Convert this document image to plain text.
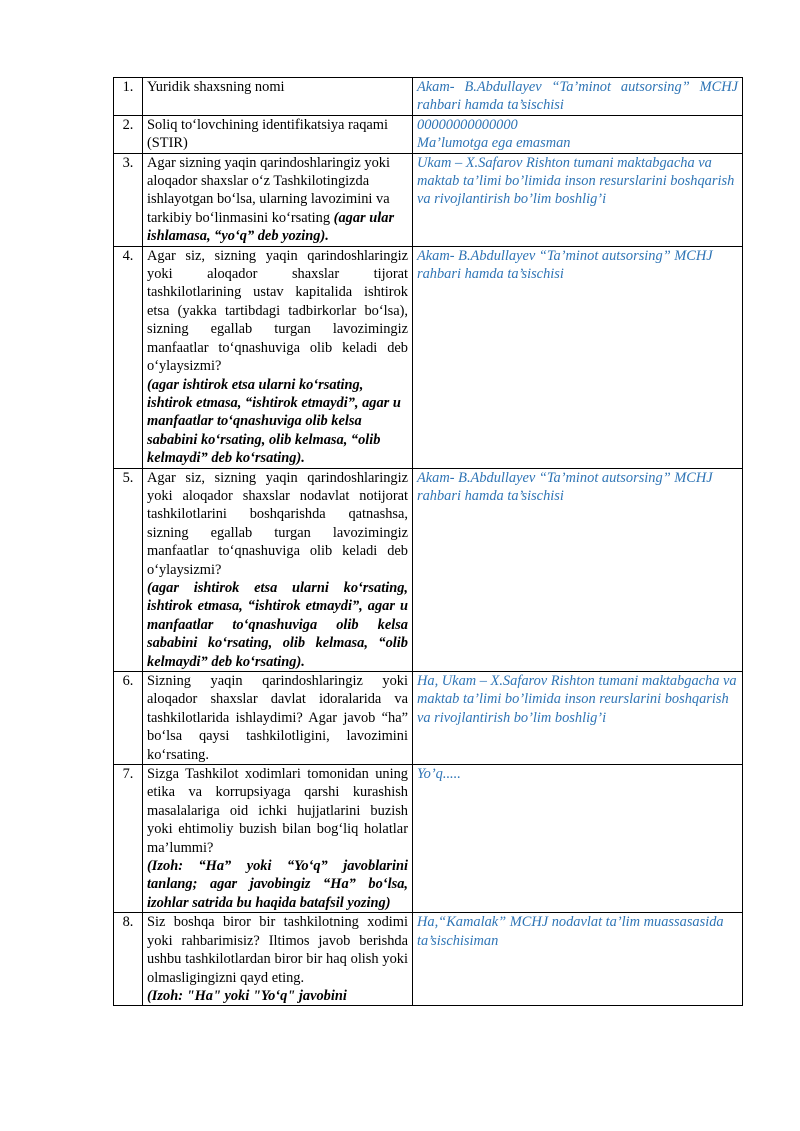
1.	Yuridik shaxsning nomi	Akam- B.Abdullayev “Ta’minot autsorsing” MCHJ rahbari hamda ta’sischisi
2.	Soliq to‘lovchining identifikatsiya raqami (STIR)	00000000000000
Ma’lumotga ega emasman

3.	Agar sizning yaqin qarindoshlaringiz yoki aloqador shaxslar o‘z Tashkilotingizda ishlayotgan bo‘lsa, ularning lavozimini va tarkibiy bo‘linmasini ko‘rsating (agar ular ishlamasa, “yo‘q” deb yozing).	Ukam – X.Safarov Rishton tumani maktabgacha va maktab ta’limi bo’limida inson resurslarini boshqarish va rivojlantirish bo’lim boshlig’i
4.	Agar siz, sizning yaqin qarindoshlaringiz yoki aloqador shaxslar tijorat tashkilotlarining ustav kapitalida ishtirok etsa (yakka tartibdagi tadbirkorlar bo‘lsa), sizning egallab turgan lavozimingiz manfaatlar to‘qnashuviga olib keladi deb o‘ylaysizmi?
(agar ishtirok etsa ularni ko‘rsating, ishtirok etmasa, “ishtirok etmaydi”, agar u manfaatlar to‘qnashuviga olib kelsa sababini ko‘rsating, olib kelmasa, “olib kelmaydi” deb ko‘rsating).	Akam- B.Abdullayev “Ta’minot autsorsing” MCHJ rahbari hamda ta’sischisi
5.	Agar siz, sizning yaqin qarindoshlaringiz yoki aloqador shaxslar nodavlat notijorat tashkilotlarini boshqarishda qatnashsa, sizning egallab turgan lavozimingiz manfaatlar to‘qnashuviga olib keladi deb o‘ylaysizmi?
(agar ishtirok etsa ularni ko‘rsating, ishtirok etmasa, “ishtirok etmaydi”, agar u manfaatlar to‘qnashuviga olib kelsa sababini ko‘rsating, olib kelmasa, “olib kelmaydi” deb ko‘rsating).	Akam- B.Abdullayev “Ta’minot autsorsing” MCHJ rahbari hamda ta’sischisi
6.	Sizning yaqin qarindoshlaringiz yoki aloqador shaxslar davlat idoralarida va tashkilotlarida ishlaydimi? Agar javob “ha” bo‘lsa qaysi tashkilotligini, lavozimini ko‘rsating.	Ha, Ukam – X.Safarov Rishton tumani maktabgacha va maktab ta’limi bo’limida inson reurslarini boshqarish va rivojlantirish bo’lim boshlig’i
7.	Sizga Tashkilot xodimlari tomonidan uning etika va korrupsiyaga qarshi kurashish masalalariga oid ichki hujjatlarini buzish yoki ehtimoliy buzish bilan bog‘liq holatlar ma’lummi?
(Izoh: “Ha” yoki “Yo‘q” javoblarini tanlang; agar javobingiz “Ha” bo‘lsa, izohlar satrida bu haqida batafsil yozing)	Yo’q.....
8.	Siz boshqa biror bir tashkilotning xodimi yoki rahbarimisiz? Iltimos javob berishda ushbu tashkilotlardan biror bir haq olish yoki olmasligingizni qayd eting.
(Izoh: "Ha" yoki "Yo‘q" javobini	Ha,“Kamalak” MCHJ nodavlat ta’lim muassasasida ta’sischisiman
